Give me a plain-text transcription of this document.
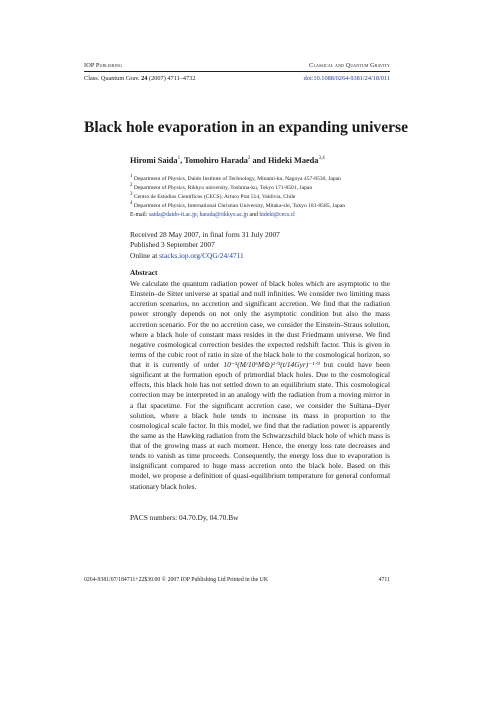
IOP Publishing	Classical and Quantum Gravity
Class. Quantum Grav. 24 (2007) 4711–4732	doi:10.1088/0264-9381/24/18/011
Black hole evaporation in an expanding universe
Hiromi Saida$^1$, Tomohiro Harada$^2$ and Hideki Maeda$^{3,4}$
$^1$ Department of Physics, Daido Institute of Technology, Minami-ku, Nagoya 457-8530, Japan
$^2$ Department of Physics, Rikkyo university, Toshima-ku, Tokyo 171-8501, Japan
$^3$ Centro de Estudios Científicos (CECS), Arturo Prat 514, Valdivia, Chile
$^4$ Department of Physics, International Christian University, Mitaka-shi, Tokyo 181-8585, Japan
E-mail: saida@daido-it.ac.jp, harada@rikkyo.ac.jp and hideki@cecs.cl
Received 28 May 2007, in final form 31 July 2007
Published 3 September 2007
Online at stacks.iop.org/CQG/24/4711
Abstract
We calculate the quantum radiation power of black holes which are asymptotic to the Einstein–de Sitter universe at spatial and null infinities. We consider two limiting mass accretion scenarios, no accretion and significant accretion. We find that the radiation power strongly depends on not only the asymptotic condition but also the mass accretion scenario. For the no accretion case, we consider the Einstein–Straus solution, where a black hole of constant mass resides in the dust Friedmann universe. We find negative cosmological correction besides the expected redshift factor. This is given in terms of the cubic root of ratio in size of the black hole to the cosmological horizon, so that it is currently of order 10⁻⁵(M/10⁶M⊙)¹ᐟ³(t/14Gyr)⁻¹ᐟ³ but could have been significant at the formation epoch of primordial black holes. Due to the cosmological effects, this black hole has not settled down to an equilibrium state. This cosmological correction may be interpreted in an analogy with the radiation from a moving mirror in a flat spacetime. For the significant accretion case, we consider the Sultana–Dyer solution, where a black hole tends to increase its mass in proportion to the cosmological scale factor. In this model, we find that the radiation power is apparently the same as the Hawking radiation from the Schwarzschild black hole of which mass is that of the growing mass at each moment. Hence, the energy loss rate decreases and tends to vanish as time proceeds. Consequently, the energy loss due to evaporation is insignificant compared to huge mass accretion onto the black hole. Based on this model, we propose a definition of quasi-equilibrium temperature for general conformal stationary black holes.
PACS numbers: 04.70.Dy, 04.70.Bw
0264-9381/07/184711+22$30.00 © 2007 IOP Publishing Ltd Printed in the UK	4711
